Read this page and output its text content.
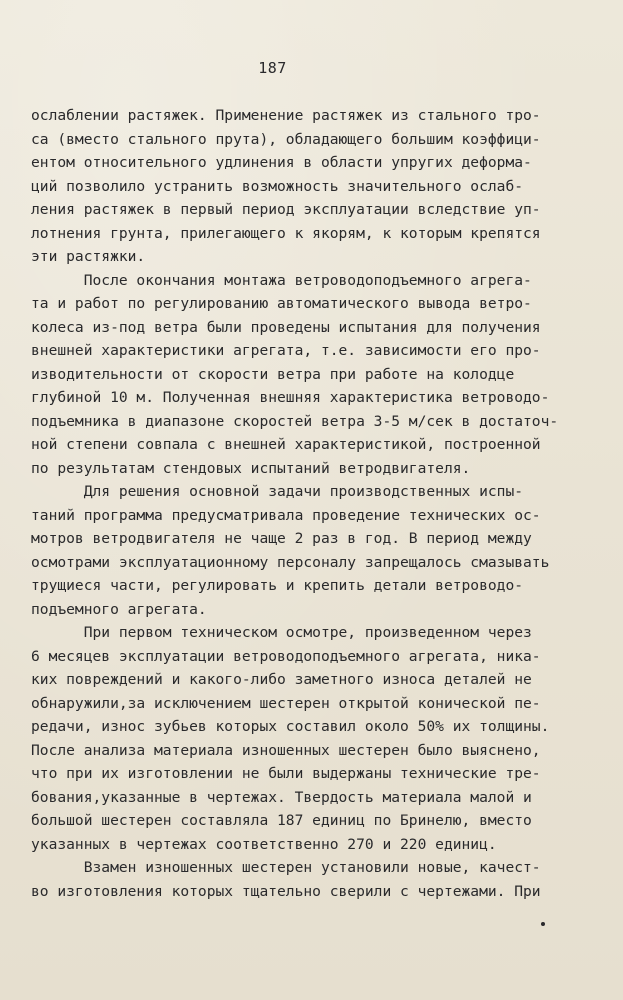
187
ослаблении растяжек. Применение растяжек из стального тро-
са (вместо стального прута), обладающего большим коэффици-
ентом относительного удлинения в области упругих деформа-
ций позволило устранить возможность значительного ослаб-
ления растяжек в первый период эксплуатации вследствие уп-
лотнения грунта, прилегающего к якорям, к которым крепятся
эти растяжки.
После окончания монтажа ветроводоподъемного агрега-
та и работ по регулированию автоматического вывода ветро-
колеса из-под ветра были проведены испытания для получения
внешней характеристики агрегата, т.е. зависимости его про-
изводительности от скорости ветра при работе на колодце
глубиной 10 м. Полученная внешняя характеристика ветроводо-
подъемника в диапазоне скоростей ветра 3-5 м/сек в достаточ-
ной степени совпала с внешней характеристикой, построенной
по результатам стендовых испытаний ветродвигателя.
Для решения основной задачи производственных испы-
таний программа предусматривала проведение технических ос-
мотров ветродвигателя не чаще 2 раз в год. В период между
осмотрами эксплуатационному персоналу запрещалось смазывать
трущиеся части, регулировать и крепить детали ветроводо-
подъемного агрегата.
При первом техническом осмотре, произведенном через
6 месяцев эксплуатации ветроводоподъемного агрегата, ника-
ких повреждений и какого-либо заметного износа деталей не
обнаружили,за исключением шестерен открытой конической пе-
редачи, износ зубьев которых составил около 50% их толщины.
После анализа материала изношенных шестерен было выяснено,
что при их изготовлении не были выдержаны технические тре-
бования,указанные в чертежах. Твердость материала малой и
большой шестерен составляла 187 единиц по Бринелю, вместо
указанных в чертежах соответственно 270 и 220 единиц.
Взамен изношенных шестерен установили новые, качест-
во изготовления которых тщательно сверили с чертежами. При
